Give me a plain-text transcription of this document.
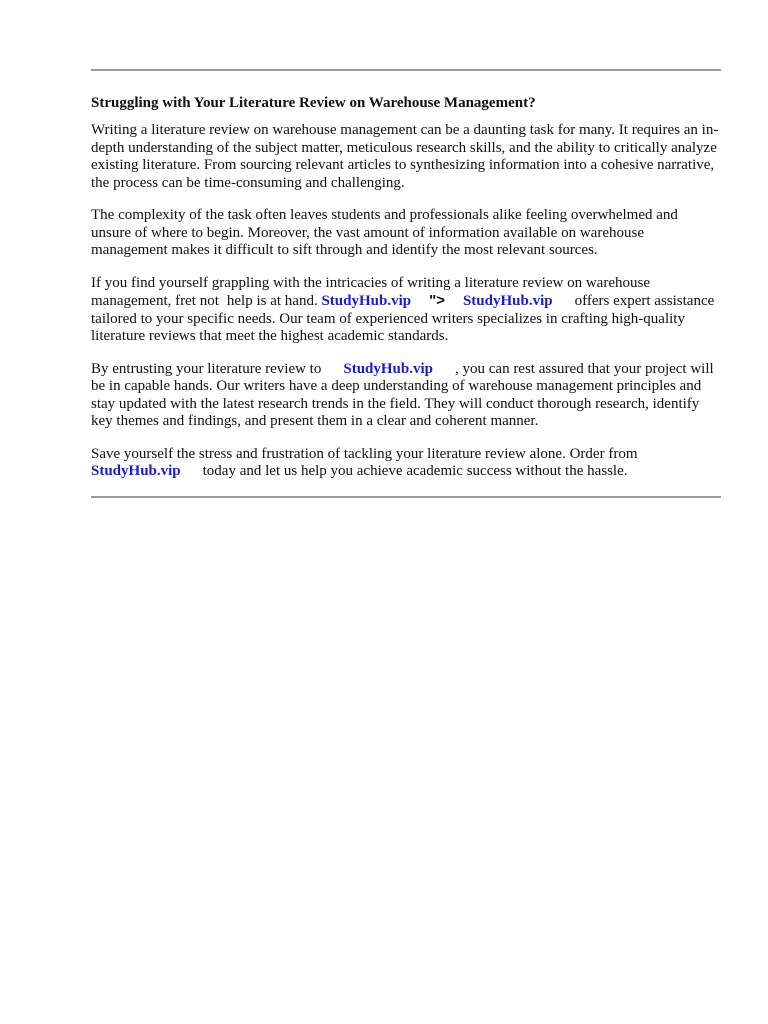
Struggling with Your Literature Review on Warehouse Management?

Writing a literature review on warehouse management can be a daunting task for many. It requires an in-depth understanding of the subject matter, meticulous research skills, and the ability to critically analyze existing literature. From sourcing relevant articles to synthesizing information into a cohesive narrative, the process can be time-consuming and challenging.

The complexity of the task often leaves students and professionals alike feeling overwhelmed and unsure of where to begin. Moreover, the vast amount of information available on warehouse management makes it difficult to sift through and identify the most relevant sources.

If you find yourself grappling with the intricacies of writing a literature review on warehouse management, fret not help is at hand. StudyHub.vip "> StudyHub.vip offers expert assistance tailored to your specific needs. Our team of experienced writers specializes in crafting high-quality literature reviews that meet the highest academic standards.

By entrusting your literature review to StudyHub.vip , you can rest assured that your project will be in capable hands. Our writers have a deep understanding of warehouse management principles and stay updated with the latest research trends in the field. They will conduct thorough research, identify key themes and findings, and present them in a clear and coherent manner.

Save yourself the stress and frustration of tackling your literature review alone. Order from StudyHub.vip today and let us help you achieve academic success without the hassle.
